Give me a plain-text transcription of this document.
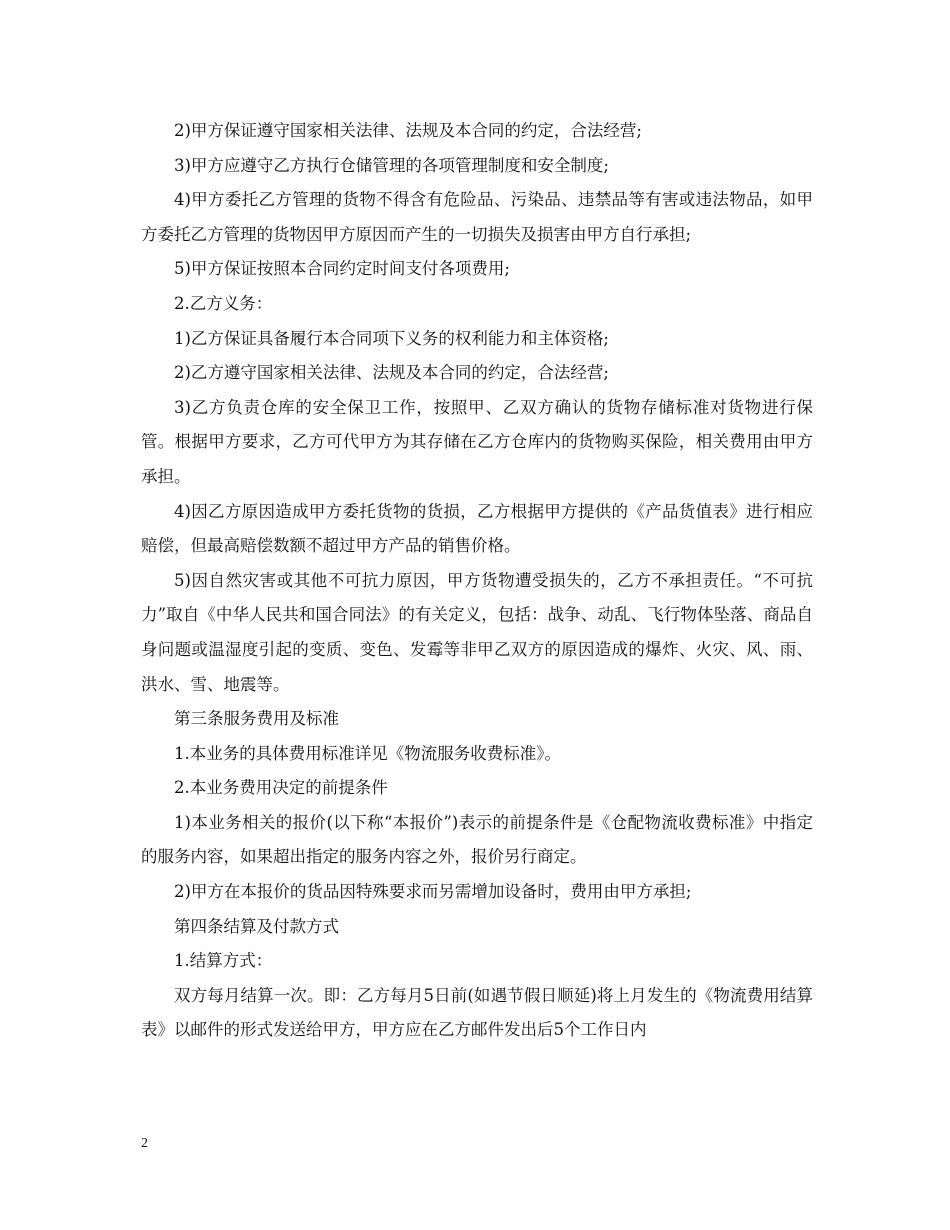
2)甲方保证遵守国家相关法律、法规及本合同的约定，合法经营;

3)甲方应遵守乙方执行仓储管理的各项管理制度和安全制度;

4)甲方委托乙方管理的货物不得含有危险品、污染品、违禁品等有害或违法物品，如甲方委托乙方管理的货物因甲方原因而产生的一切损失及损害由甲方自行承担;

5)甲方保证按照本合同约定时间支付各项费用;

2.乙方义务：

1)乙方保证具备履行本合同项下义务的权利能力和主体资格;

2)乙方遵守国家相关法律、法规及本合同的约定，合法经营;

3)乙方负责仓库的安全保卫工作，按照甲、乙双方确认的货物存储标准对货物进行保管。根据甲方要求，乙方可代甲方为其存储在乙方仓库内的货物购买保险，相关费用由甲方承担。

4)因乙方原因造成甲方委托货物的货损，乙方根据甲方提供的《产品货值表》进行相应赔偿，但最高赔偿数额不超过甲方产品的销售价格。

5)因自然灾害或其他不可抗力原因，甲方货物遭受损失的，乙方不承担责任。“不可抗力”取自《中华人民共和国合同法》的有关定义，包括：战争、动乱、飞行物体坠落、商品自身问题或温湿度引起的变质、变色、发霉等非甲乙双方的原因造成的爆炸、火灾、风、雨、洪水、雪、地震等。

第三条服务费用及标准

1.本业务的具体费用标准详见《物流服务收费标准》。

2.本业务费用决定的前提条件

1)本业务相关的报价(以下称“本报价”)表示的前提条件是《仓配物流收费标准》中指定的服务内容，如果超出指定的服务内容之外，报价另行商定。

2)甲方在本报价的货品因特殊要求而另需增加设备时，费用由甲方承担;

第四条结算及付款方式

1.结算方式：

双方每月结算一次。即：乙方每月5日前(如遇节假日顺延)将上月发生的《物流费用结算表》以邮件的形式发送给甲方，甲方应在乙方邮件发出后5个工作日内

2
